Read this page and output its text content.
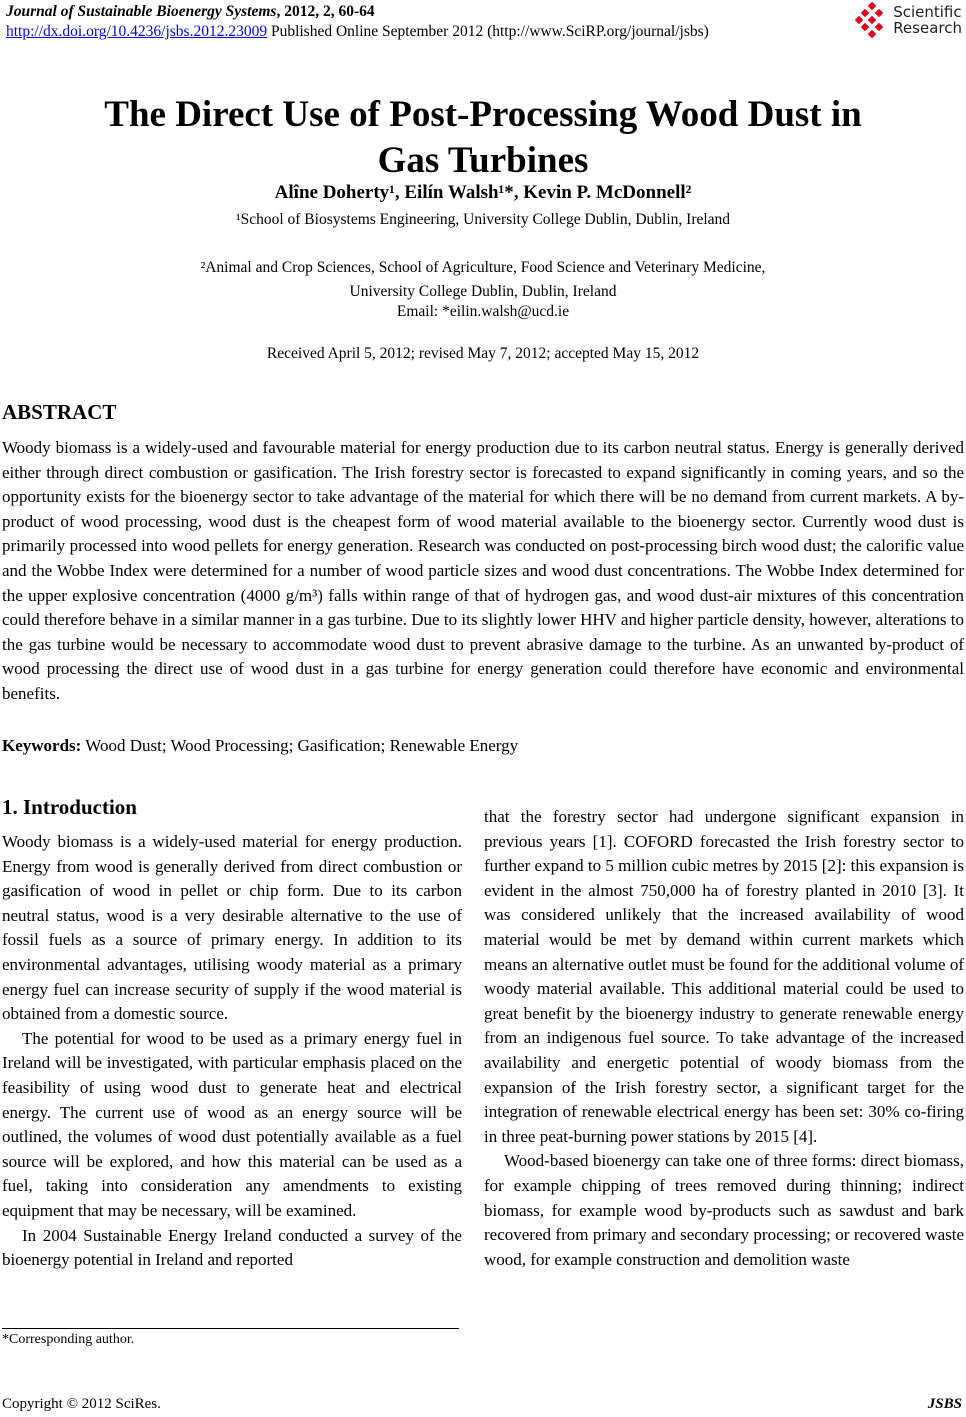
Journal of Sustainable Bioenergy Systems, 2012, 2, 60-64
http://dx.doi.org/10.4236/jsbs.2012.23009 Published Online September 2012 (http://www.SciRP.org/journal/jsbs)
Scientific
Research
The Direct Use of Post-Processing Wood Dust in
Gas Turbines
Alîne Doherty¹, Eilín Walsh¹*, Kevin P. McDonnell²
¹School of Biosystems Engineering, University College Dublin, Dublin, Ireland
²Animal and Crop Sciences, School of Agriculture, Food Science and Veterinary Medicine,
University College Dublin, Dublin, Ireland
Email: *eilin.walsh@ucd.ie
Received April 5, 2012; revised May 7, 2012; accepted May 15, 2012
ABSTRACT
Woody biomass is a widely-used and favourable material for energy production due to its carbon neutral status. Energy is generally derived either through direct combustion or gasification. The Irish forestry sector is forecasted to expand significantly in coming years, and so the opportunity exists for the bioenergy sector to take advantage of the material for which there will be no demand from current markets. A by-product of wood processing, wood dust is the cheapest form of wood material available to the bioenergy sector. Currently wood dust is primarily processed into wood pellets for energy generation. Research was conducted on post-processing birch wood dust; the calorific value and the Wobbe Index were determined for a number of wood particle sizes and wood dust concentrations. The Wobbe Index determined for the upper explosive concentration (4000 g/m³) falls within range of that of hydrogen gas, and wood dust-air mixtures of this concentration could therefore behave in a similar manner in a gas turbine. Due to its slightly lower HHV and higher particle density, however, alterations to the gas turbine would be necessary to accommodate wood dust to prevent abrasive damage to the turbine. As an unwanted by-product of wood processing the direct use of wood dust in a gas turbine for energy generation could therefore have economic and environmental benefits.
Keywords: Wood Dust; Wood Processing; Gasification; Renewable Energy
1. Introduction

Woody biomass is a widely-used material for energy production. Energy from wood is generally derived from direct combustion or gasification of wood in pellet or chip form. Due to its carbon neutral status, wood is a very desirable alternative to the use of fossil fuels as a source of primary energy. In addition to its environmental advantages, utilising woody material as a primary energy fuel can increase security of supply if the wood material is obtained from a domestic source.

The potential for wood to be used as a primary energy fuel in Ireland will be investigated, with particular emphasis placed on the feasibility of using wood dust to generate heat and electrical energy. The current use of wood as an energy source will be outlined, the volumes of wood dust potentially available as a fuel source will be explored, and how this material can be used as a fuel, taking into consideration any amendments to existing equipment that may be necessary, will be examined.

In 2004 Sustainable Energy Ireland conducted a survey of the bioenergy potential in Ireland and reported

that the forestry sector had undergone significant expansion in previous years [1]. COFORD forecasted the Irish forestry sector to further expand to 5 million cubic metres by 2015 [2]: this expansion is evident in the almost 750,000 ha of forestry planted in 2010 [3]. It was considered unlikely that the increased availability of wood material would be met by demand within current markets which means an alternative outlet must be found for the additional volume of woody material available. This additional material could be used to great benefit by the bioenergy industry to generate renewable energy from an indigenous fuel source. To take advantage of the increased availability and energetic potential of woody biomass from the expansion of the Irish forestry sector, a significant target for the integration of renewable electrical energy has been set: 30% co-firing in three peat-burning power stations by 2015 [4].

Wood-based bioenergy can take one of three forms: direct biomass, for example chipping of trees removed during thinning; indirect biomass, for example wood by-products such as sawdust and bark recovered from primary and secondary processing; or recovered waste wood, for example construction and demolition waste

*Corresponding author.
Copyright © 2012 SciRes.	JSBS
